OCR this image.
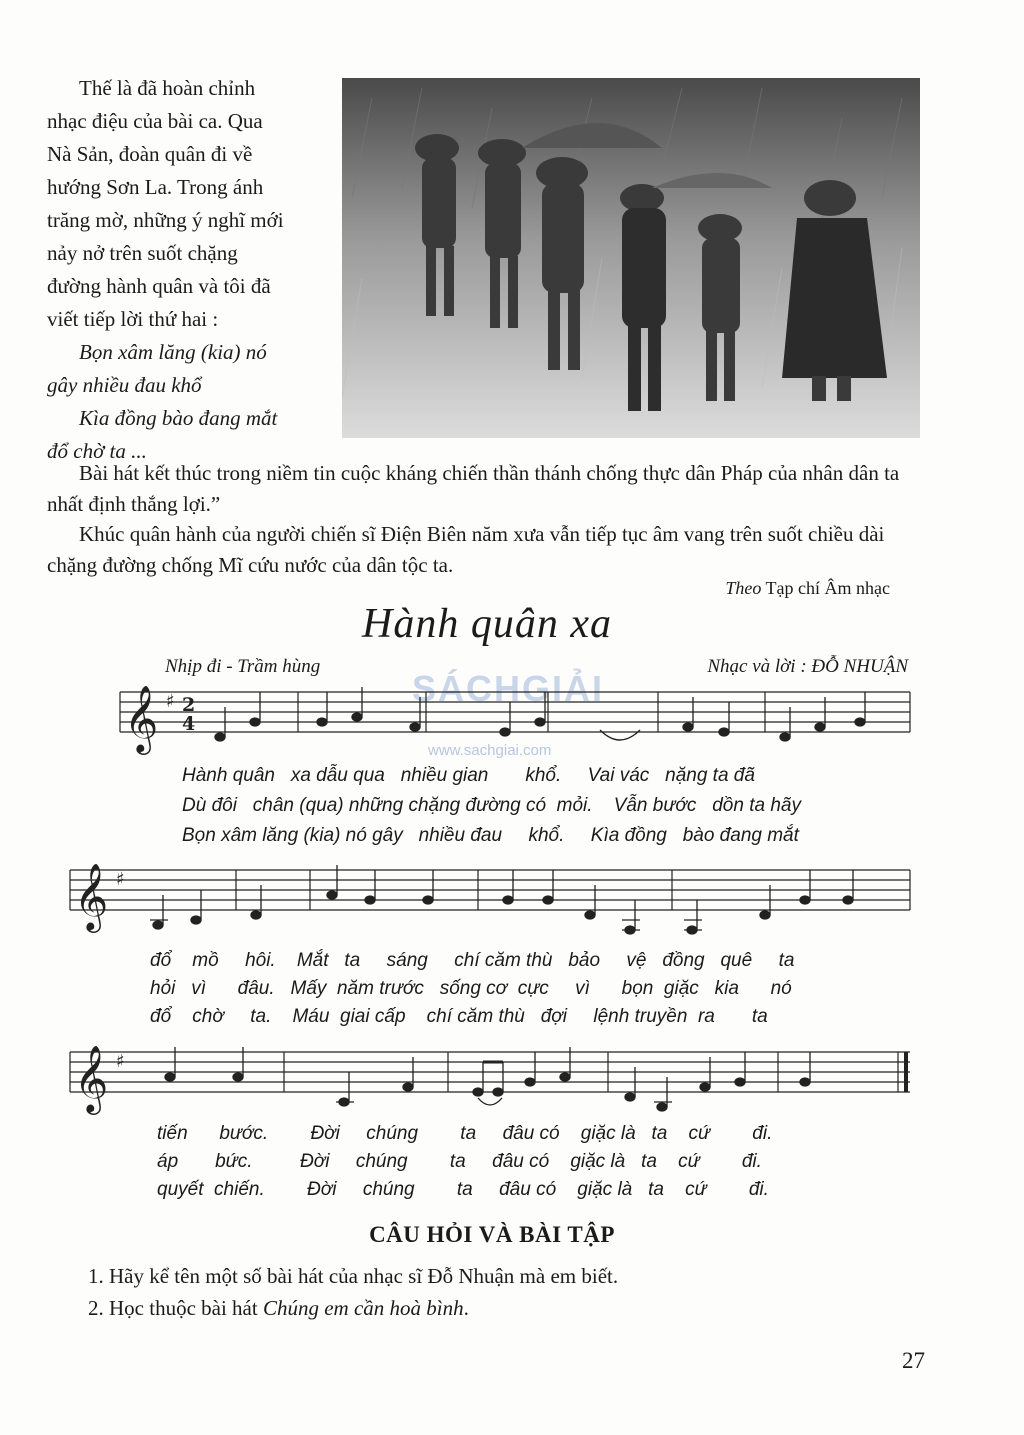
Thế là đã hoàn chỉnh

nhạc điệu của bài ca. Qua

Nà Sản, đoàn quân đi về

hướng Sơn La. Trong ánh

trăng mờ, những ý nghĩ mới

nảy nở trên suốt chặng

đường hành quân và tôi đã

viết tiếp lời thứ hai :

Bọn xâm lăng (kia) nó

gây nhiều đau khổ

Kìa đồng bào đang mắt

đổ chờ ta ...

Bài hát kết thúc trong niềm tin cuộc kháng chiến thần thánh chống thực dân Pháp của nhân dân ta nhất định thắng lợi.”

Khúc quân hành của người chiến sĩ Điện Biên năm xưa vẫn tiếp tục âm vang trên suốt chiều dài chặng đường chống Mĩ cứu nước của dân tộc ta.

Theo Tạp chí Âm nhạc
Hành quân xa
Nhịp đi - Trầm hùng	Nhạc và lời : ĐỖ NHUẬN
SÁCHGIẢI
www.sachgiai.com
𝄞 ♯ 2
4
Hành quân xa dẫu qua nhiều gian khổ. Vai vác nặng ta đã
Dù đôi chân (qua) những chặng đường có mỏi. Vẫn bước dồn ta hãy
Bọn xâm lăng (kia) nó gây nhiều đau khổ. Kìa đồng bào đang mắt
𝄞 ♯
đổ mồ hôi. Mắt ta sáng chí căm thù bảo vệ đồng quê ta
hỏi vì đâu. Mấy năm trước sống cơ cực vì bọn giặc kia nó
đổ chờ ta. Máu giai cấp chí căm thù đợi lệnh truyền ra ta
𝄞 ♯
tiến bước. Đời chúng ta đâu có giặc là ta cứ đi.
áp bức.	Đời chúng ta đâu có giặc là ta cứ đi.
quyết chiến. Đời chúng ta đâu có giặc là ta cứ đi.
CÂU HỎI VÀ BÀI TẬP
1. Hãy kể tên một số bài hát của nhạc sĩ Đỗ Nhuận mà em biết.
2. Học thuộc bài hát Chúng em cần hoà bình.
27
